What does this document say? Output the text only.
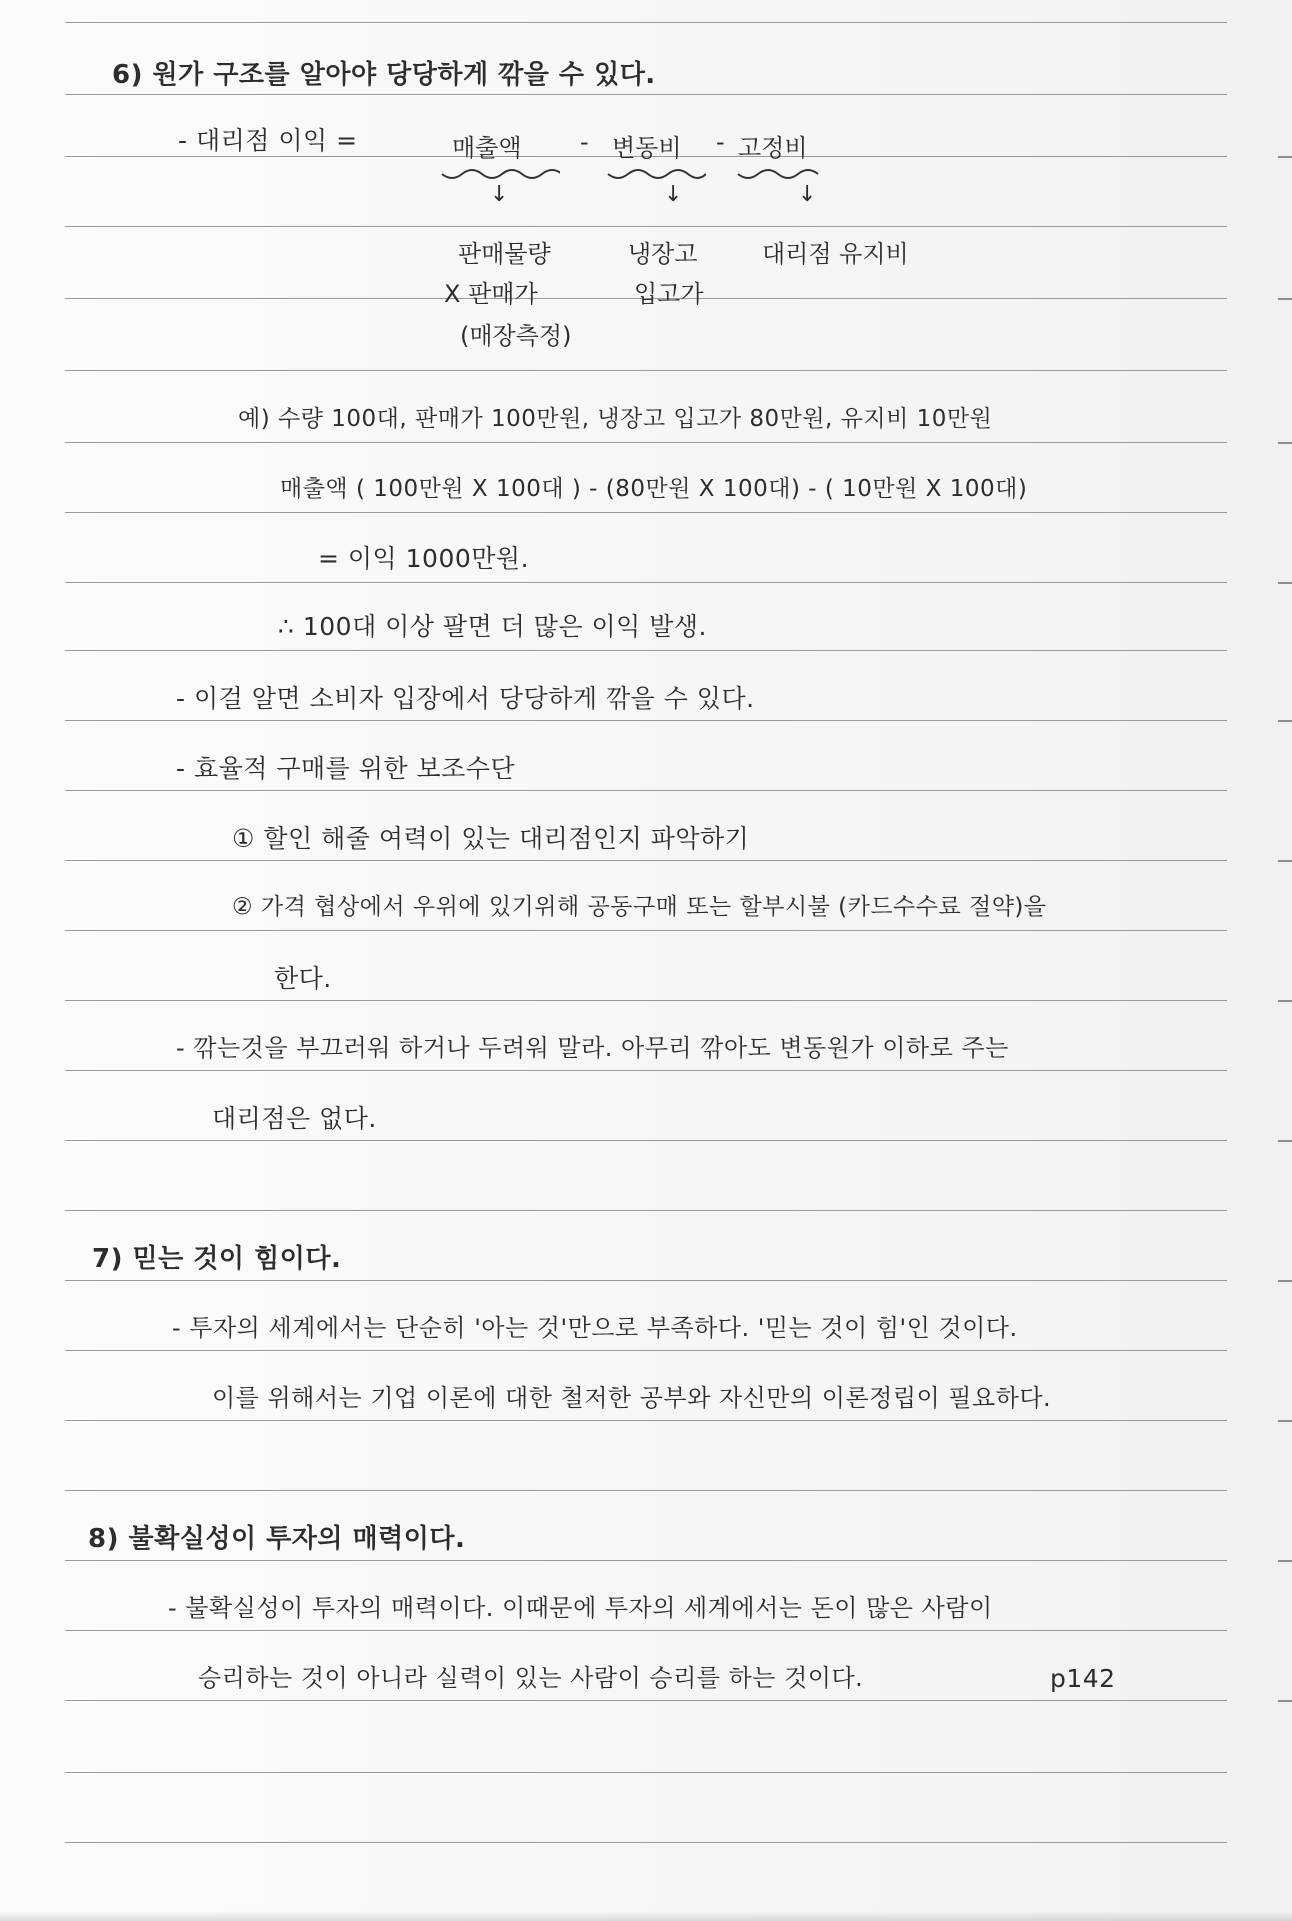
6) 원가 구조를 알아야 당당하게 깎을 수 있다.
- 대리점 이익 =	매출액 - 변동비 - 고정비
↓	↓	↓
판매물량
X 판매가
(매장측정)
냉장고
입고가
대리점 유지비
예) 수량 100대, 판매가 100만원, 냉장고 입고가 80만원, 유지비 10만원
매출액 ( 100만원 X 100대 ) - (80만원 X 100대) - ( 10만원 X 100대)
= 이익 1000만원.
∴ 100대 이상 팔면 더 많은 이익 발생.
- 이걸 알면 소비자 입장에서 당당하게 깎을 수 있다.
- 효율적 구매를 위한 보조수단
① 할인 해줄 여력이 있는 대리점인지 파악하기
② 가격 협상에서 우위에 있기위해 공동구매 또는 할부시불 (카드수수료 절약)을
한다.
- 깎는것을 부끄러워 하거나 두려워 말라. 아무리 깎아도 변동원가 이하로 주는
대리점은 없다.
7) 믿는 것이 힘이다.
- 투자의 세계에서는 단순히 '아는 것'만으로 부족하다. '믿는 것이 힘'인 것이다.
이를 위해서는 기업 이론에 대한 철저한 공부와 자신만의 이론정립이 필요하다.
8) 불확실성이 투자의 매력이다.
- 불확실성이 투자의 매력이다. 이때문에 투자의 세계에서는 돈이 많은 사람이
승리하는 것이 아니라 실력이 있는 사람이 승리를 하는 것이다.	p142
